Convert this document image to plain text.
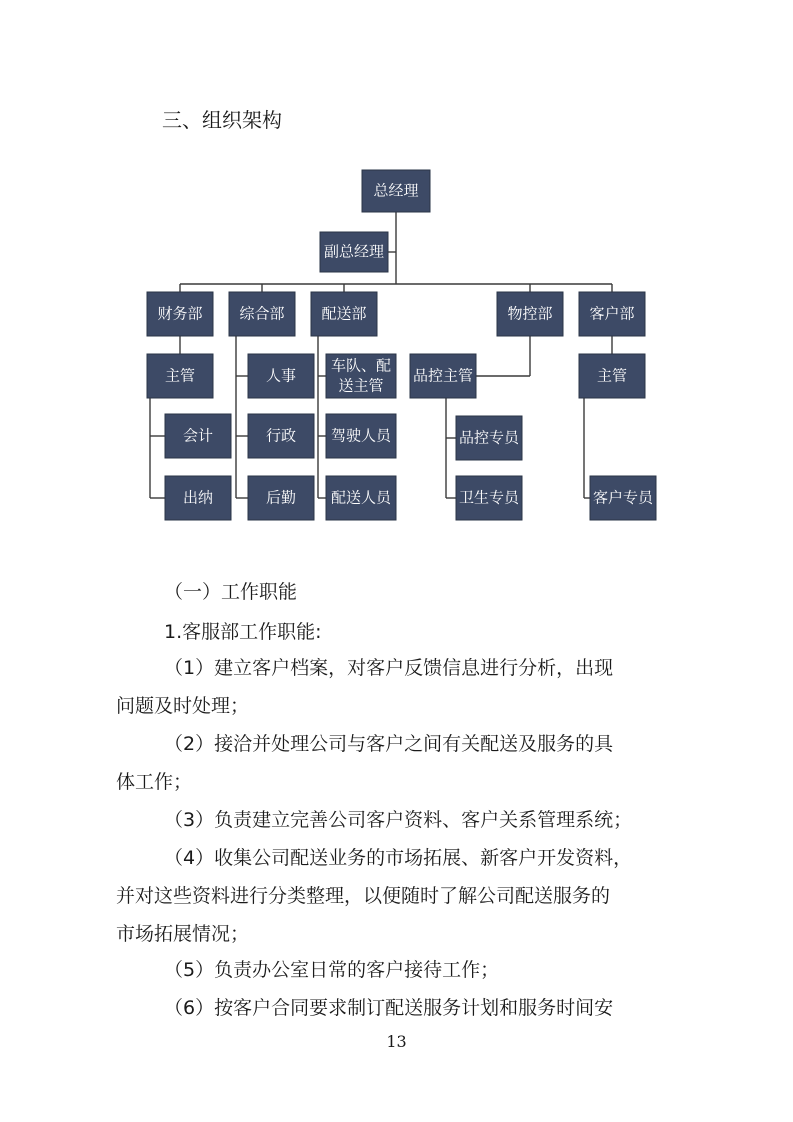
三、组织架构
总经理
副总经理
财务部 综合部 配送部	物控部 客户部
主管
会计
出纳
人事
行政
后勤
车队、配
送主管
驾驶人员
配送人员
品控主管
品控专员
卫生专员
主管
客户专员
（一）工作职能
1.客服部工作职能:
（1）建立客户档案，对客户反馈信息进行分析，出现
问题及时处理；
（2）接洽并处理公司与客户之间有关配送及服务的具
体工作；
（3）负责建立完善公司客户资料、客户关系管理系统；
（4）收集公司配送业务的市场拓展、新客户开发资料，
并对这些资料进行分类整理，以便随时了解公司配送服务的
市场拓展情况；
（5）负责办公室日常的客户接待工作；
（6）按客户合同要求制订配送服务计划和服务时间安
13
